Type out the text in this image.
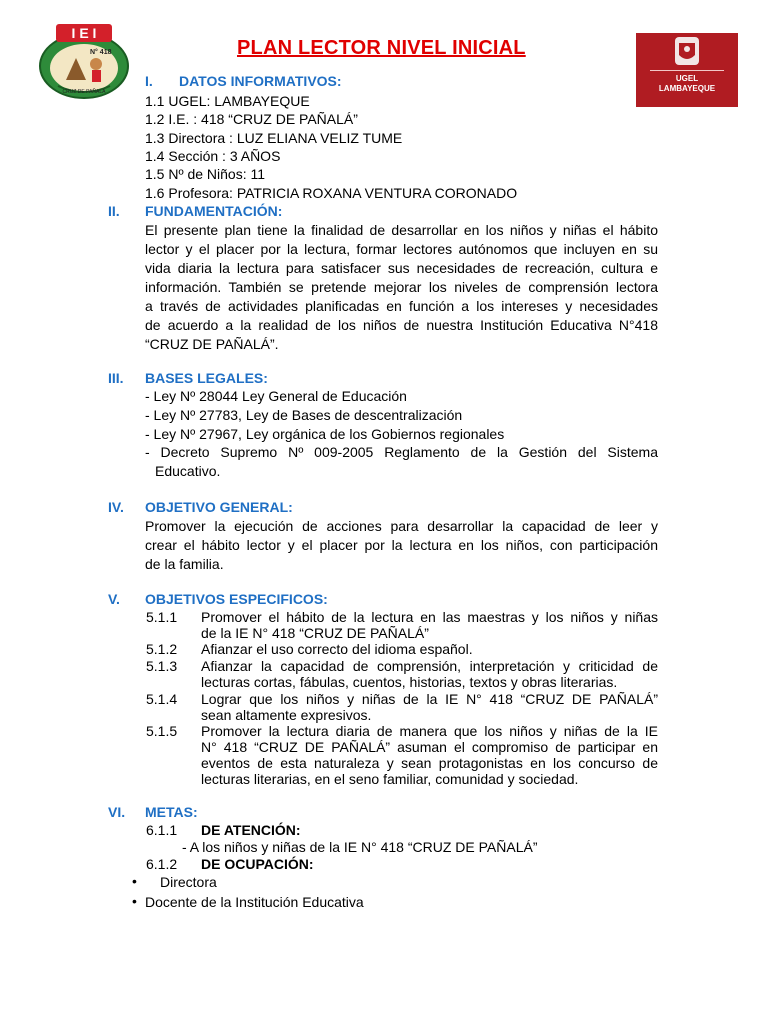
I E I
N° 418
CRUZ DE PAÑALÁ
PLAN LECTOR NIVEL INICIAL
UGEL
LAMBAYEQUE
I. DATOS INFORMATIVOS:
1.1 UGEL: LAMBAYEQUE
1.2 I.E. : 418 “CRUZ DE PAÑALÁ”
1.3 Directora : LUZ ELIANA VELIZ TUME
1.4 Sección : 3 AÑOS
1.5 Nº de Niños: 11
1.6 Profesora: PATRICIA ROXANA VENTURA CORONADO
II. FUNDAMENTACIÓN:
El presente plan tiene la finalidad de desarrollar en los niños y niñas el hábito
lector y el placer por la lectura, formar lectores autónomos que incluyen en su
vida diaria la lectura para satisfacer sus necesidades de recreación, cultura e
información. También se pretende mejorar los niveles de comprensión lectora
a través de actividades planificadas en función a los intereses y necesidades
de acuerdo a la realidad de los niños de nuestra Institución Educativa N°418
“CRUZ DE PAÑALÁ”.
III. BASES LEGALES:
- Ley Nº 28044 Ley General de Educación
- Ley Nº 27783, Ley de Bases de descentralización
- Ley Nº 27967, Ley orgánica de los Gobiernos regionales
- Decreto Supremo Nº 009-2005 Reglamento de la Gestión del Sistema
Educativo.
IV. OBJETIVO GENERAL:
Promover la ejecución de acciones para desarrollar la capacidad de leer y
crear el hábito lector y el placer por la lectura en los niños, con participación
de la familia.
V. OBJETIVOS ESPECIFICOS:
5.1.1 Promover el hábito de la lectura en las maestras y los niños y niñas
de la IE N° 418 “CRUZ DE PAÑALÁ”
5.1.2 Afianzar el uso correcto del idioma español.
5.1.3 Afianzar la capacidad de comprensión, interpretación y criticidad de
lecturas cortas, fábulas, cuentos, historias, textos y obras literarias.
5.1.4 Lograr que los niños y niñas de la IE N° 418 “CRUZ DE PAÑALÁ”
sean altamente expresivos.
5.1.5 Promover la lectura diaria de manera que los niños y niñas de la IE
N° 418 “CRUZ DE PAÑALÁ” asuman el compromiso de participar en
eventos de esta naturaleza y sean protagonistas en los concurso de
lecturas literarias, en el seno familiar, comunidad y sociedad.
VI. METAS:
6.1.1 DE ATENCIÓN:
- A los niños y niñas de la IE N° 418 “CRUZ DE PAÑALÁ”
6.1.2 DE OCUPACIÓN:
• Directora
• Docente de la Institución Educativa
